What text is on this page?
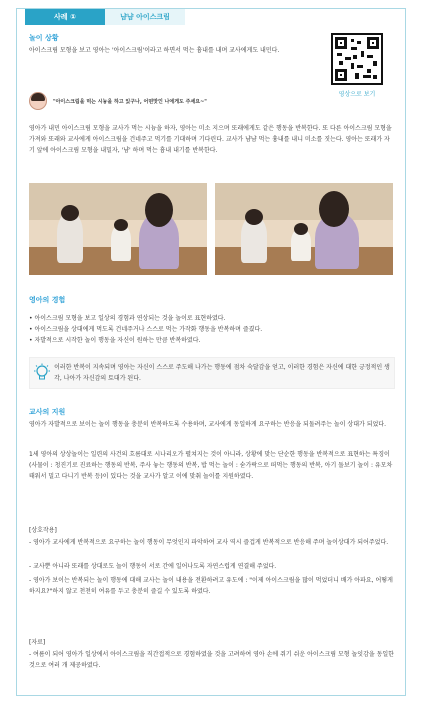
사례 ①	냠냠 아이스크림
놀이 상황
아이스크림 모형을 보고 영아는 '아이스크림'이라고 하면서 먹는 흉내를 내며 교사에게도 내민다.
영상으로 보기
"아이스크림을 먹는 시늉을 하고 있구나, 어떤맛인 나에게도 주세요~"
영아가 내민 아이스크림 모형을 교사가 먹는 시늉을 하자, 영아는 미소 지으며 또래에게도 같은 행동을 반복한다. 또 다른 아이스크림 모형을 가져와 또래와 교사에게 아이스크림을 건네주고 먹기를 기대하며 기다린다. 교사가 냠냠 먹는 흉내를 내니 미소를 짓는다. 영아는 또래가 자기 앞에 아이스크림 모형을 내밀자, '냠' 하며 먹는 흉내 내기를 반복한다.
영아의 경험
• 아이스크림 모형을 보고 일상의 경험과 연상되는 것을 놀이로 표현하였다.
• 아이스크림을 상대에게 먹도록 건네주거나 스스로 먹는 가작화 행동을 반복하며 즐겼다.
• 자발적으로 시작한 놀이 행동을 자신이 원하는 만큼 반복하였다.
이러한 반복이 지속되며 영아는 자신이 스스로 주도해 나가는 행동에 점차 숙달감을 얻고, 이러한 경험은 자신에 대한 긍정적인 생각, 나아가 자신감의 토대가 된다.
교사의 지원
영아가 자발적으로 보이는 놀이 행동을 충분히 반복하도록 수용하며, 교사에게 동일하게 요구하는 반응을 되돌려주는 놀이 상대가 되었다.
1세 영아의 상상놀이는 일련의 사건의 흐름대로 시나리오가 펼쳐지는 것이 아니라, 상황에 맞는 단순한 행동을 반복적으로 표현하는 특징이(사물이 : 청진기로 진료하는 행동의 반복, 주사 놓는 행동의 반복, 밥 먹는 놀이 : 숟가락으로 떠먹는 행동의 반복, 아기 돌보기 놀이 : 유모차 태워서 밀고 다니기 반복 등)이 있다는 것을 교사가 알고 이에 맞춰 놀이를 지원하였다.
[상호작용]
- 영아가 교사에게 반복적으로 요구하는 놀이 행동이 무엇인지 파악하여 교사 역시 즐겁게 반복적으로 반응해 주며 놀이상대가 되어주었다.
- 교사뿐 아니라 또래를 상대로도 놀이 행동이 서로 간에 일어나도록 자연스럽게 연결해 주었다.
- 영아가 보이는 반복되는 놀이 행동에 대해 교사는 놀이 내용을 전환하려고 유도에 : "이제 아이스크림을 많이 먹었더니 배가 아파요, 어떻게 하지요?"하지 않고 천천히 여유를 두고 충분히 즐길 수 있도록 하였다.
[자료]
- 여름이 되어 영아가 일상에서 아이스크림을 직간접적으로 경험하였을 것을 고려하여 영아 손에 쥐기 쉬운 아이스크림 모형 놀잇감을 동일한 것으로 여러 개 제공하였다.
